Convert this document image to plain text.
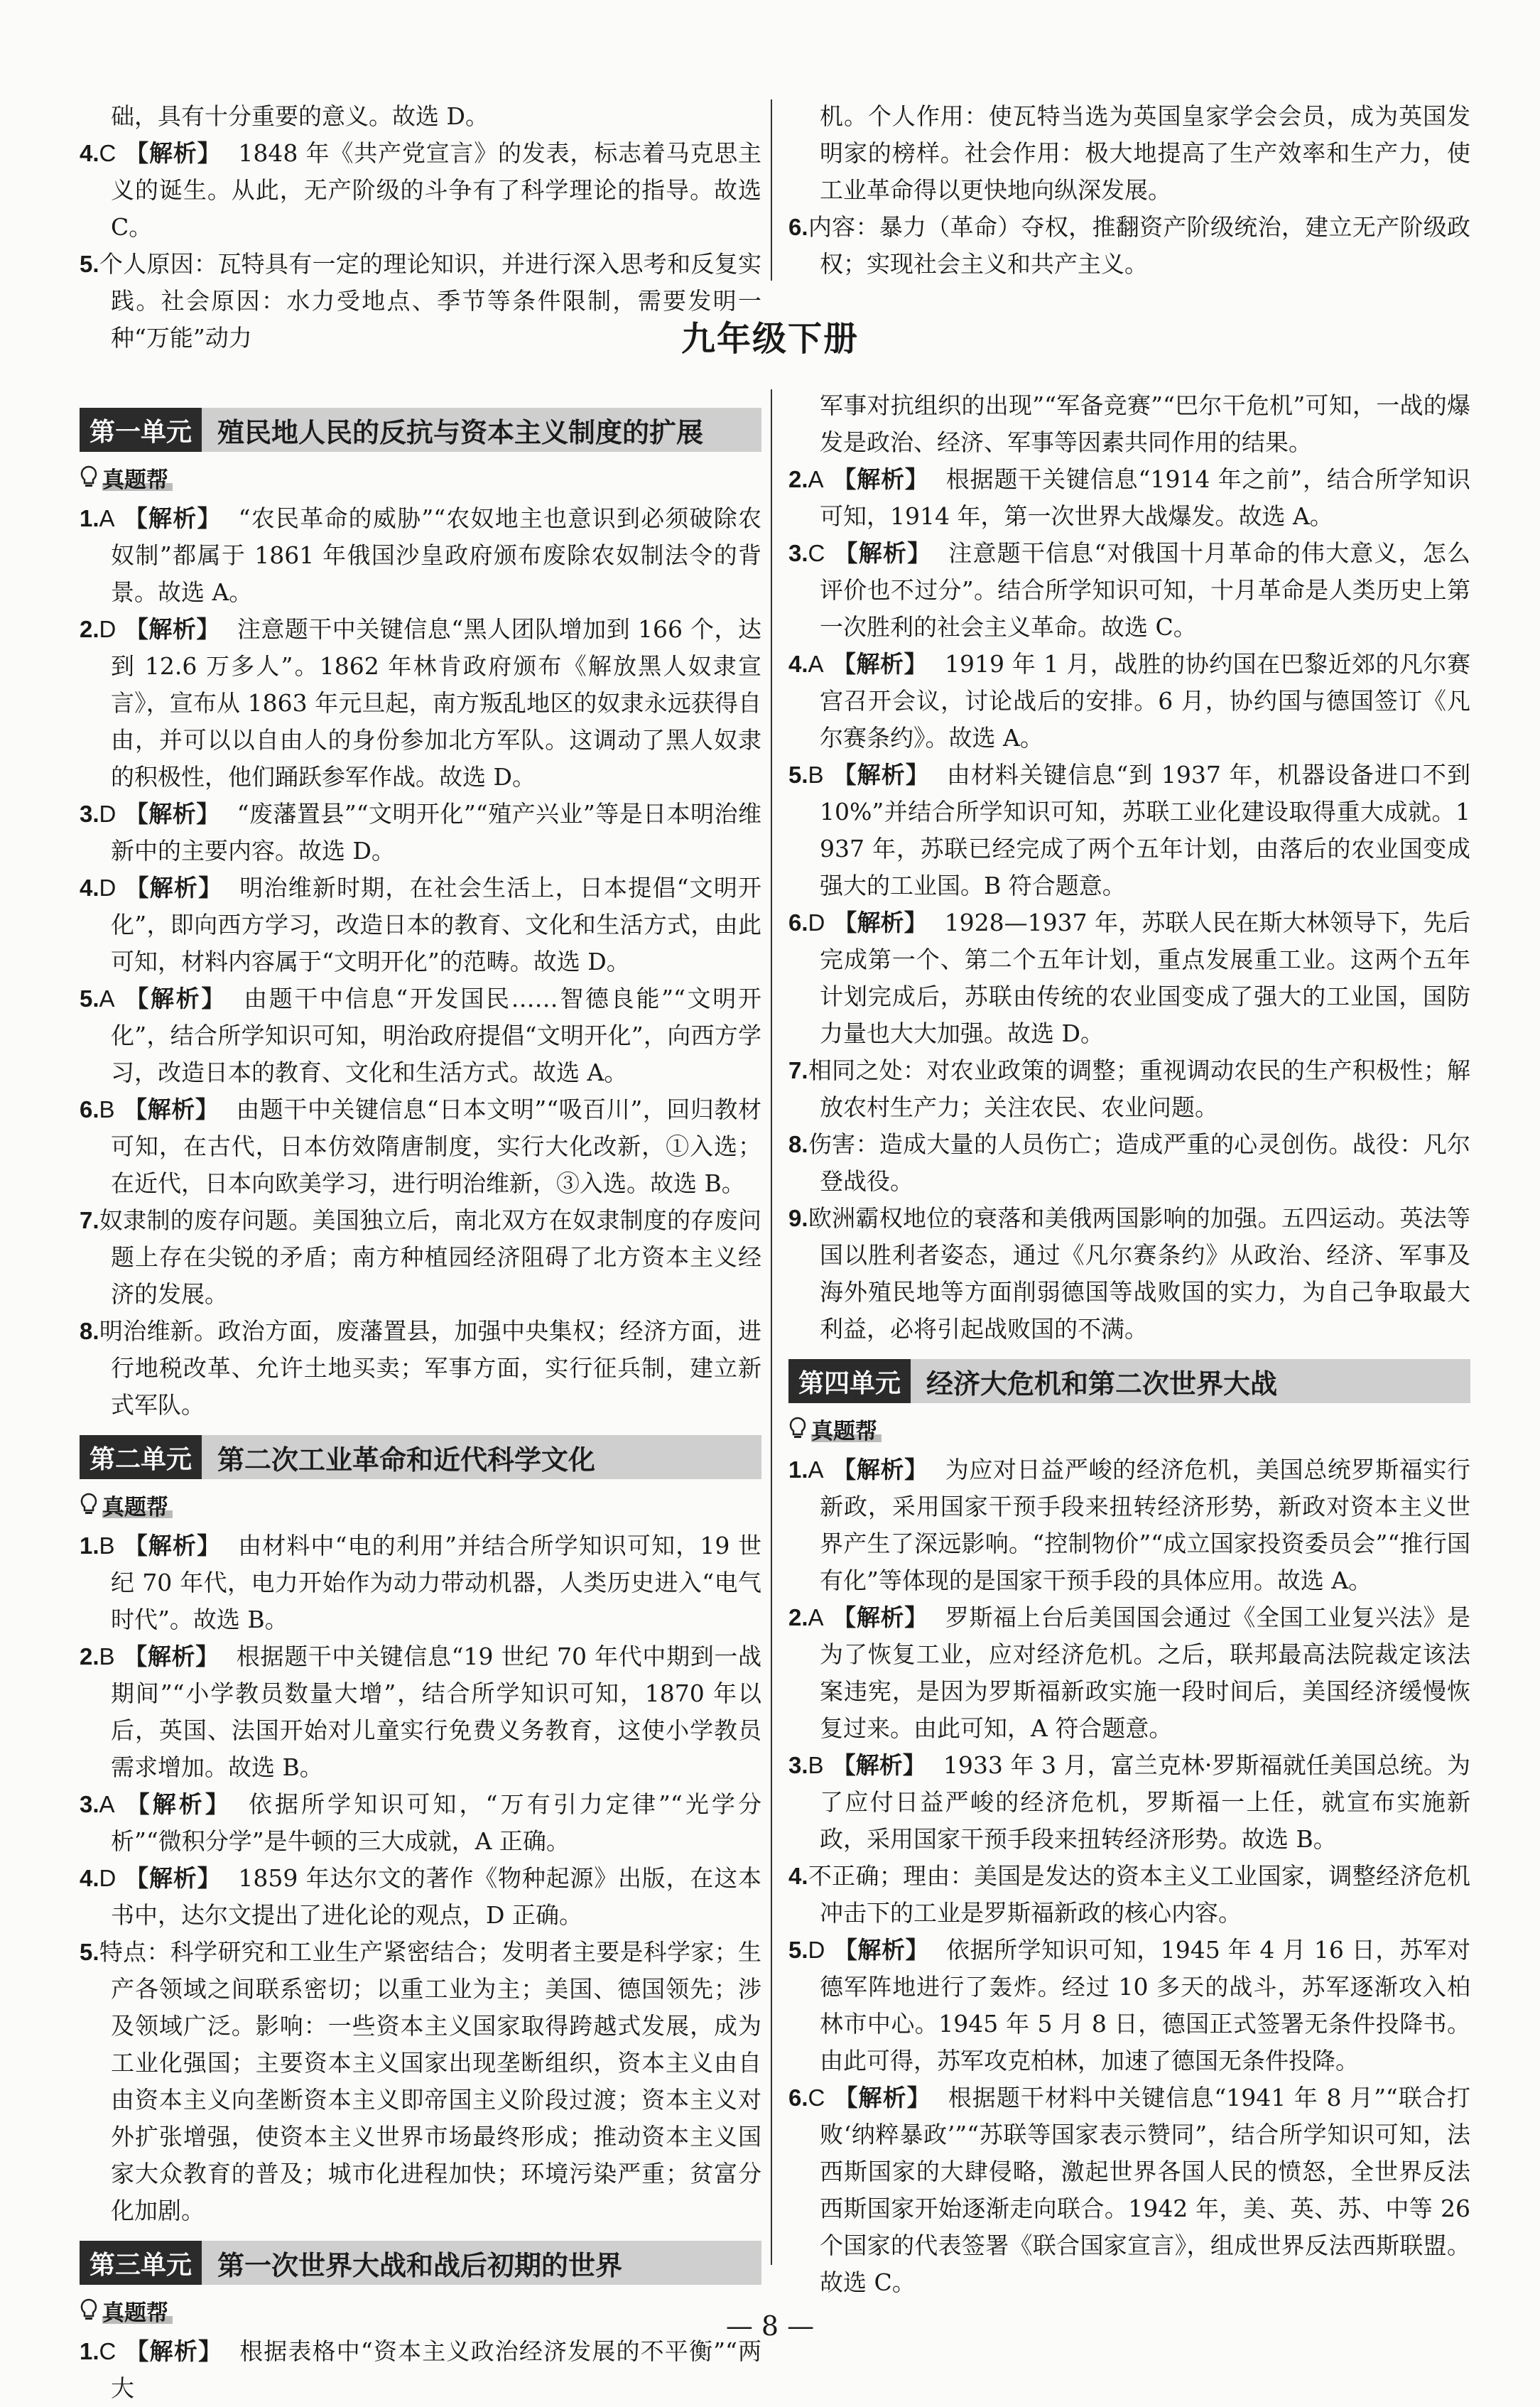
础，具有十分重要的意义。故选 D。

4.C 【解析】 1848 年《共产党宣言》的发表，标志着马克思主义的诞生。从此，无产阶级的斗争有了科学理论的指导。故选 C。

5.个人原因：瓦特具有一定的理论知识，并进行深入思考和反复实践。社会原因：水力受地点、季节等条件限制，需要发明一种“万能”动力

机。个人作用：使瓦特当选为英国皇家学会会员，成为英国发明家的榜样。社会作用：极大地提高了生产效率和生产力，使工业革命得以更快地向纵深发展。

6.内容：暴力（革命）夺权，推翻资产阶级统治，建立无产阶级政权；实现社会主义和共产主义。

九年级下册
第一单元 殖民地人民的反抗与资本主义制度的扩展
真题帮

1.A 【解析】 “农民革命的威胁”“农奴地主也意识到必须破除农奴制”都属于 1861 年俄国沙皇政府颁布废除农奴制法令的背景。故选 A。

2.D 【解析】 注意题干中关键信息“黑人团队增加到 166 个，达到 12.6 万多人”。1862 年林肯政府颁布《解放黑人奴隶宣言》，宣布从 1863 年元旦起，南方叛乱地区的奴隶永远获得自由，并可以以自由人的身份参加北方军队。这调动了黑人奴隶的积极性，他们踊跃参军作战。故选 D。

3.D 【解析】 “废藩置县”“文明开化”“殖产兴业”等是日本明治维新中的主要内容。故选 D。

4.D 【解析】 明治维新时期，在社会生活上，日本提倡“文明开化”，即向西方学习，改造日本的教育、文化和生活方式，由此可知，材料内容属于“文明开化”的范畴。故选 D。

5.A 【解析】 由题干中信息“开发国民……智德良能”“文明开化”，结合所学知识可知，明治政府提倡“文明开化”，向西方学习，改造日本的教育、文化和生活方式。故选 A。

6.B 【解析】 由题干中关键信息“日本文明”“吸百川”，回归教材可知，在古代，日本仿效隋唐制度，实行大化改新，①入选；在近代，日本向欧美学习，进行明治维新，③入选。故选 B。

7.奴隶制的废存问题。美国独立后，南北双方在奴隶制度的存废问题上存在尖锐的矛盾；南方种植园经济阻碍了北方资本主义经济的发展。

8.明治维新。政治方面，废藩置县，加强中央集权；经济方面，进行地税改革、允许土地买卖；军事方面，实行征兵制，建立新式军队。

第二单元 第二次工业革命和近代科学文化
真题帮

1.B 【解析】 由材料中“电的利用”并结合所学知识可知，19 世纪 70 年代，电力开始作为动力带动机器，人类历史进入“电气时代”。故选 B。

2.B 【解析】 根据题干中关键信息“19 世纪 70 年代中期到一战期间”“小学教员数量大增”，结合所学知识可知，1870 年以后，英国、法国开始对儿童实行免费义务教育，这使小学教员需求增加。故选 B。

3.A 【解析】 依据所学知识可知，“万有引力定律”“光学分析”“微积分学”是牛顿的三大成就，A 正确。

4.D 【解析】 1859 年达尔文的著作《物种起源》出版，在这本书中，达尔文提出了进化论的观点，D 正确。

5.特点：科学研究和工业生产紧密结合；发明者主要是科学家；生产各领域之间联系密切；以重工业为主；美国、德国领先；涉及领域广泛。影响：一些资本主义国家取得跨越式发展，成为工业化强国；主要资本主义国家出现垄断组织，资本主义由自由资本主义向垄断资本主义即帝国主义阶段过渡；资本主义对外扩张增强，使资本主义世界市场最终形成；推动资本主义国家大众教育的普及；城市化进程加快；环境污染严重；贫富分化加剧。

第三单元 第一次世界大战和战后初期的世界
真题帮

1.C 【解析】 根据表格中“资本主义政治经济发展的不平衡”“两大

军事对抗组织的出现”“军备竞赛”“巴尔干危机”可知，一战的爆发是政治、经济、军事等因素共同作用的结果。

2.A 【解析】 根据题干关键信息“1914 年之前”，结合所学知识可知，1914 年，第一次世界大战爆发。故选 A。

3.C 【解析】 注意题干信息“对俄国十月革命的伟大意义，怎么评价也不过分”。结合所学知识可知，十月革命是人类历史上第一次胜利的社会主义革命。故选 C。

4.A 【解析】 1919 年 1 月，战胜的协约国在巴黎近郊的凡尔赛宫召开会议，讨论战后的安排。6 月，协约国与德国签订《凡尔赛条约》。故选 A。

5.B 【解析】 由材料关键信息“到 1937 年，机器设备进口不到 10%”并结合所学知识可知，苏联工业化建设取得重大成就。1937 年，苏联已经完成了两个五年计划，由落后的农业国变成强大的工业国。B 符合题意。

6.D 【解析】 1928—1937 年，苏联人民在斯大林领导下，先后完成第一个、第二个五年计划，重点发展重工业。这两个五年计划完成后，苏联由传统的农业国变成了强大的工业国，国防力量也大大加强。故选 D。

7.相同之处：对农业政策的调整；重视调动农民的生产积极性；解放农村生产力；关注农民、农业问题。

8.伤害：造成大量的人员伤亡；造成严重的心灵创伤。战役：凡尔登战役。

9.欧洲霸权地位的衰落和美俄两国影响的加强。五四运动。英法等国以胜利者姿态，通过《凡尔赛条约》从政治、经济、军事及海外殖民地等方面削弱德国等战败国的实力，为自己争取最大利益，必将引起战败国的不满。

第四单元 经济大危机和第二次世界大战
真题帮

1.A 【解析】 为应对日益严峻的经济危机，美国总统罗斯福实行新政，采用国家干预手段来扭转经济形势，新政对资本主义世界产生了深远影响。“控制物价”“成立国家投资委员会”“推行国有化”等体现的是国家干预手段的具体应用。故选 A。

2.A 【解析】 罗斯福上台后美国国会通过《全国工业复兴法》是为了恢复工业，应对经济危机。之后，联邦最高法院裁定该法案违宪，是因为罗斯福新政实施一段时间后，美国经济缓慢恢复过来。由此可知，A 符合题意。

3.B 【解析】 1933 年 3 月，富兰克林·罗斯福就任美国总统。为了应付日益严峻的经济危机，罗斯福一上任，就宣布实施新政，采用国家干预手段来扭转经济形势。故选 B。

4.不正确；理由：美国是发达的资本主义工业国家，调整经济危机冲击下的工业是罗斯福新政的核心内容。

5.D 【解析】 依据所学知识可知，1945 年 4 月 16 日，苏军对德军阵地进行了轰炸。经过 10 多天的战斗，苏军逐渐攻入柏林市中心。1945 年 5 月 8 日，德国正式签署无条件投降书。由此可得，苏军攻克柏林，加速了德国无条件投降。

6.C 【解析】 根据题干材料中关键信息“1941 年 8 月”“联合打败‘纳粹暴政’”“苏联等国家表示赞同”，结合所学知识可知，法西斯国家的大肆侵略，激起世界各国人民的愤怒，全世界反法西斯国家开始逐渐走向联合。1942 年，美、英、苏、中等 26 个国家的代表签署《联合国家宣言》，组成世界反法西斯联盟。故选 C。

— 8 —
